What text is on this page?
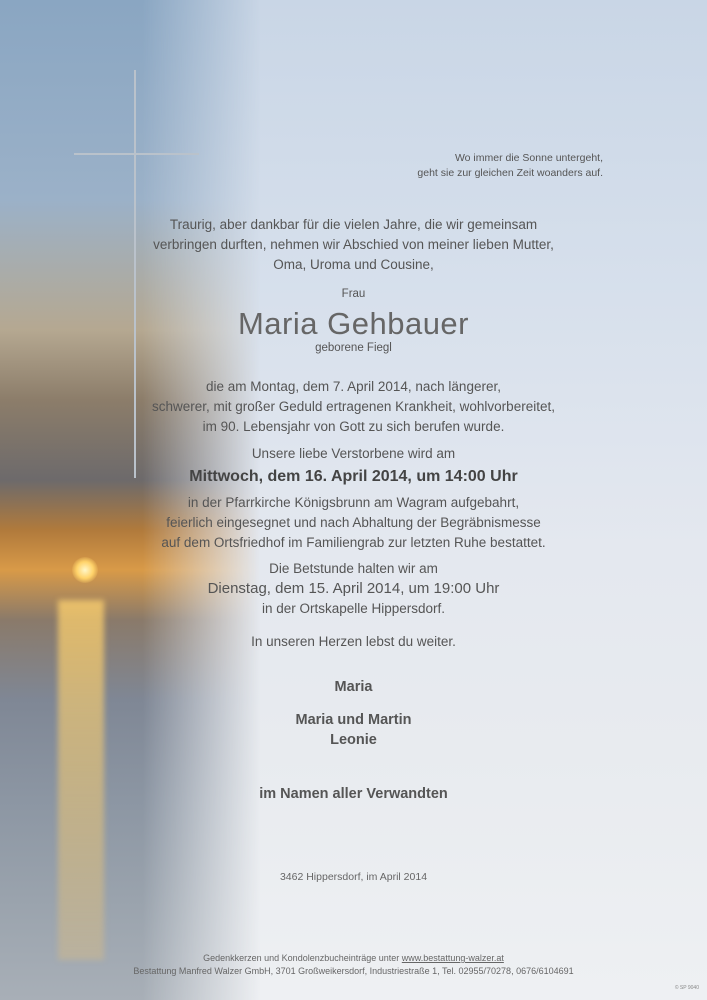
Wo immer die Sonne untergeht,
geht sie zur gleichen Zeit woanders auf.
Traurig, aber dankbar für die vielen Jahre, die wir gemeinsam
verbringen durften, nehmen wir Abschied von meiner lieben Mutter,
Oma, Uroma und Cousine,

Frau

Maria Gehbauer

geborene Fiegl

die am Montag, dem 7. April 2014, nach längerer,
schwerer, mit großer Geduld ertragenen Krankheit, wohlvorbereitet,
im 90. Lebensjahr von Gott zu sich berufen wurde.

Unsere liebe Verstorbene wird am

Mittwoch, dem 16. April 2014, um 14:00 Uhr

in der Pfarrkirche Königsbrunn am Wagram aufgebahrt,
feierlich eingesegnet und nach Abhaltung der Begräbnismesse
auf dem Ortsfriedhof im Familiengrab zur letzten Ruhe bestattet.
Die Betstunde halten wir am
Dienstag, dem 15. April 2014, um 19:00 Uhr
in der Ortskapelle Hippersdorf.

In unseren Herzen lebst du weiter.

Maria

Maria und Martin

Leonie

im Namen aller Verwandten

3462 Hippersdorf, im April 2014

Gedenkkerzen und Kondolenzbucheinträge unter www.bestattung-walzer.at
Bestattung Manfred Walzer GmbH, 3701 Großweikersdorf, Industriestraße 1, Tel. 02955/70278, 0676/6104691
© SP 9040
